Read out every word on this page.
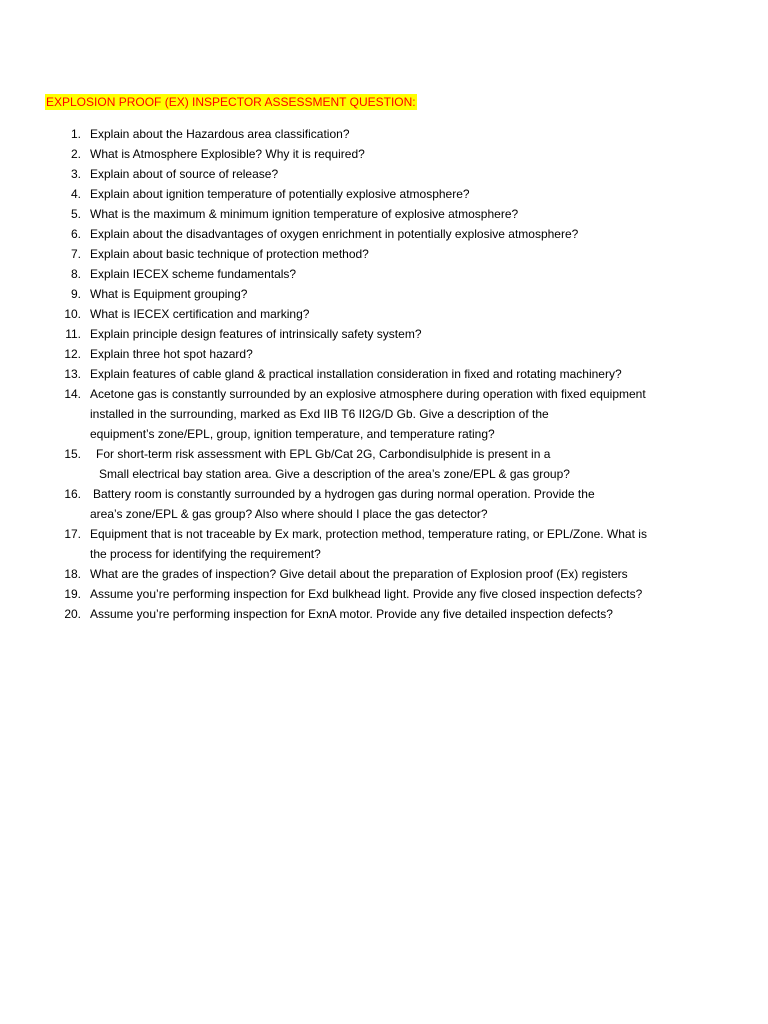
EXPLOSION PROOF (EX) INSPECTOR ASSESSMENT QUESTION:
1. Explain about the Hazardous area classification?
2. What is Atmosphere Explosible? Why it is required?
3. Explain about of source of release?
4. Explain about ignition temperature of potentially explosive atmosphere?
5. What is the maximum & minimum ignition temperature of explosive atmosphere?
6. Explain about the disadvantages of oxygen enrichment in potentially explosive atmosphere?
7. Explain about basic technique of protection method?
8. Explain IECEX scheme fundamentals?
9. What is Equipment grouping?
10. What is IECEX certification and marking?
11. Explain principle design features of intrinsically safety system?
12. Explain three hot spot hazard?
13. Explain features of cable gland & practical installation consideration in fixed and rotating machinery?
14. Acetone gas is constantly surrounded by an explosive atmosphere during operation with fixed equipment
installed in the surrounding, marked as Exd IIB T6 II2G/D Gb. Give a description of the
equipment’s zone/EPL, group, ignition temperature, and temperature rating?
15.	For short-term risk assessment with EPL Gb/Cat 2G, Carbondisulphide is present in a
Small electrical bay station area. Give a description of the area’s zone/EPL & gas group?
16. Battery room is constantly surrounded by a hydrogen gas during normal operation. Provide the
area’s zone/EPL & gas group? Also where should I place the gas detector?
17. Equipment that is not traceable by Ex mark, protection method, temperature rating, or EPL/Zone. What is
the process for identifying the requirement?
18. What are the grades of inspection? Give detail about the preparation of Explosion proof (Ex) registers
19. Assume you’re performing inspection for Exd bulkhead light. Provide any five closed inspection defects?
20. Assume you’re performing inspection for ExnA motor. Provide any five detailed inspection defects?
